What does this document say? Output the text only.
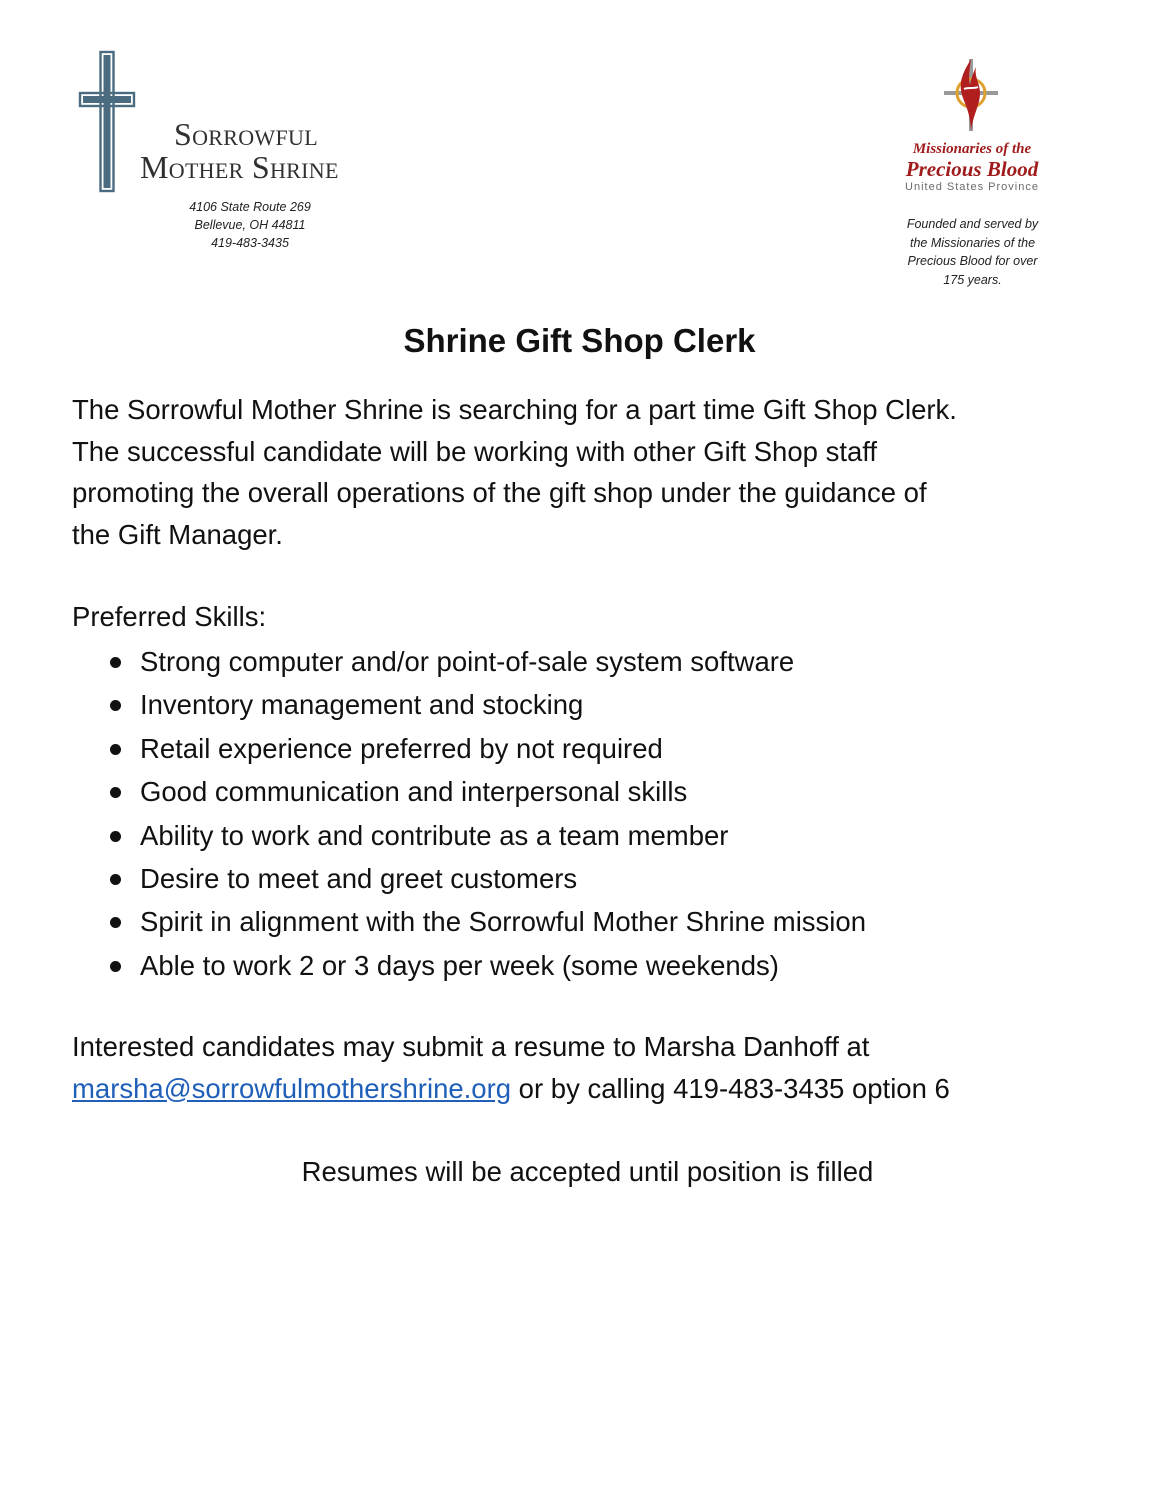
Sorrowful
Mother Shrine
4106 State Route 269
Bellevue, OH 44811
419-483-3435
Missionaries of the
Precious Blood
United States Province
Founded and served by
the Missionaries of the
Precious Blood for over
175 years.
Shrine Gift Shop Clerk
The Sorrowful Mother Shrine is searching for a part time Gift Shop Clerk.
The successful candidate will be working with other Gift Shop staff
promoting the overall operations of the gift shop under the guidance of
the Gift Manager.
Preferred Skills:
Strong computer and/or point-of-sale system software
Inventory management and stocking
Retail experience preferred by not required
Good communication and interpersonal skills
Ability to work and contribute as a team member
Desire to meet and greet customers
Spirit in alignment with the Sorrowful Mother Shrine mission
Able to work 2 or 3 days per week (some weekends)
Interested candidates may submit a resume to Marsha Danhoff at
marsha@sorrowfulmothershrine.org or by calling 419-483-3435 option 6
Resumes will be accepted until position is filled
